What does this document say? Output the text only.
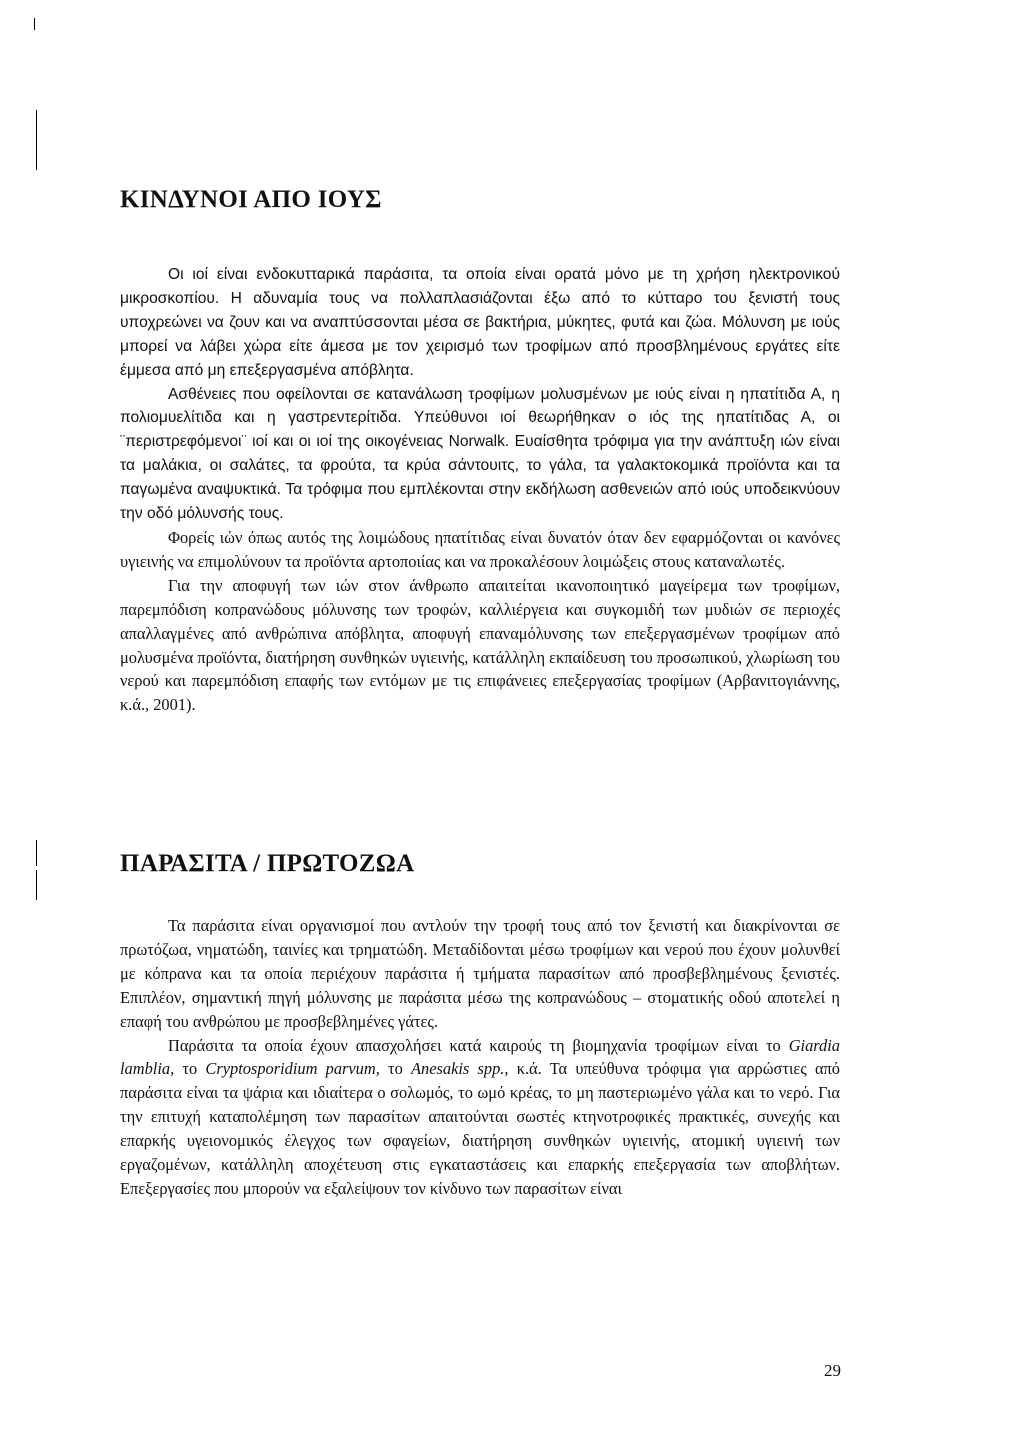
ΚΙΝΔΥΝΟΙ ΑΠΟ ΙΟΥΣ

Οι ιοί είναι ενδοκυτταρικά παράσιτα, τα οποία είναι ορατά μόνο με τη χρήση ηλεκτρονικού μικροσκοπίου. Η αδυναμία τους να πολλαπλασιάζονται έξω από το κύτταρο του ξενιστή τους υποχρεώνει να ζουν και να αναπτύσσονται μέσα σε βακτήρια, μύκητες, φυτά και ζώα. Μόλυνση με ιούς μπορεί να λάβει χώρα είτε άμεσα με τον χειρισμό των τροφίμων από προσβλημένους εργάτες είτε έμμεσα από μη επεξεργασμένα απόβλητα.

Ασθένειες που οφείλονται σε κατανάλωση τροφίμων μολυσμένων με ιούς είναι η ηπατίτιδα Α, η πολιομυελίτιδα και η γαστρεντερίτιδα. Υπεύθυνοι ιοί θεωρήθηκαν ο ιός της ηπατίτιδας Α, οι ¨περιστρεφόμενοι¨ ιοί και οι ιοί της οικογένειας Norwalk. Ευαίσθητα τρόφιμα για την ανάπτυξη ιών είναι τα μαλάκια, οι σαλάτες, τα φρούτα, τα κρύα σάντουιτς, το γάλα, τα γαλακτοκομικά προϊόντα και τα παγωμένα αναψυκτικά. Τα τρόφιμα που εμπλέκονται στην εκδήλωση ασθενειών από ιούς υποδεικνύουν την οδό μόλυνσής τους.

Φορείς ιών όπως αυτός της λοιμώδους ηπατίτιδας είναι δυνατόν όταν δεν εφαρμόζονται οι κανόνες υγιεινής να επιμολύνουν τα προϊόντα αρτοποιίας και να προκαλέσουν λοιμώξεις στους καταναλωτές.

Για την αποφυγή των ιών στον άνθρωπο απαιτείται ικανοποιητικό μαγείρεμα των τροφίμων, παρεμπόδιση κοπρανώδους μόλυνσης των τροφών, καλλιέργεια και συγκομιδή των μυδιών σε περιοχές απαλλαγμένες από ανθρώπινα απόβλητα, αποφυγή επαναμόλυνσης των επεξεργασμένων τροφίμων από μολυσμένα προϊόντα, διατήρηση συνθηκών υγιεινής, κατάλληλη εκπαίδευση του προσωπικού, χλωρίωση του νερού και παρεμπόδιση επαφής των εντόμων με τις επιφάνειες επεξεργασίας τροφίμων (Αρβανιτογιάννης, κ.ά., 2001).

ΠΑΡΑΣΙΤΑ / ΠΡΩΤΟΖΩΑ

Τα παράσιτα είναι οργανισμοί που αντλούν την τροφή τους από τον ξενιστή και διακρίνονται σε πρωτόζωα, νηματώδη, ταινίες και τρηματώδη. Μεταδίδονται μέσω τροφίμων και νερού που έχουν μολυνθεί με κόπρανα και τα οποία περιέχουν παράσιτα ή τμήματα παρασίτων από προσβεβλημένους ξενιστές. Επιπλέον, σημαντική πηγή μόλυνσης με παράσιτα μέσω της κοπρανώδους – στοματικής οδού αποτελεί η επαφή του ανθρώπου με προσβεβλημένες γάτες.

Παράσιτα τα οποία έχουν απασχολήσει κατά καιρούς τη βιομηχανία τροφίμων είναι το Giardia lamblia, το Cryptosporidium parvum, το Anesakis spp., κ.ά. Τα υπεύθυνα τρόφιμα για αρρώστιες από παράσιτα είναι τα ψάρια και ιδιαίτερα ο σολωμός, το ωμό κρέας, το μη παστεριωμένο γάλα και το νερό. Για την επιτυχή καταπολέμηση των παρασίτων απαιτούνται σωστές κτηνοτροφικές πρακτικές, συνεχής και επαρκής υγειονομικός έλεγχος των σφαγείων, διατήρηση συνθηκών υγιεινής, ατομική υγιεινή των εργαζομένων, κατάλληλη αποχέτευση στις εγκαταστάσεις και επαρκής επεξεργασία των αποβλήτων. Επεξεργασίες που μπορούν να εξαλείψουν τον κίνδυνο των παρασίτων είναι

29
